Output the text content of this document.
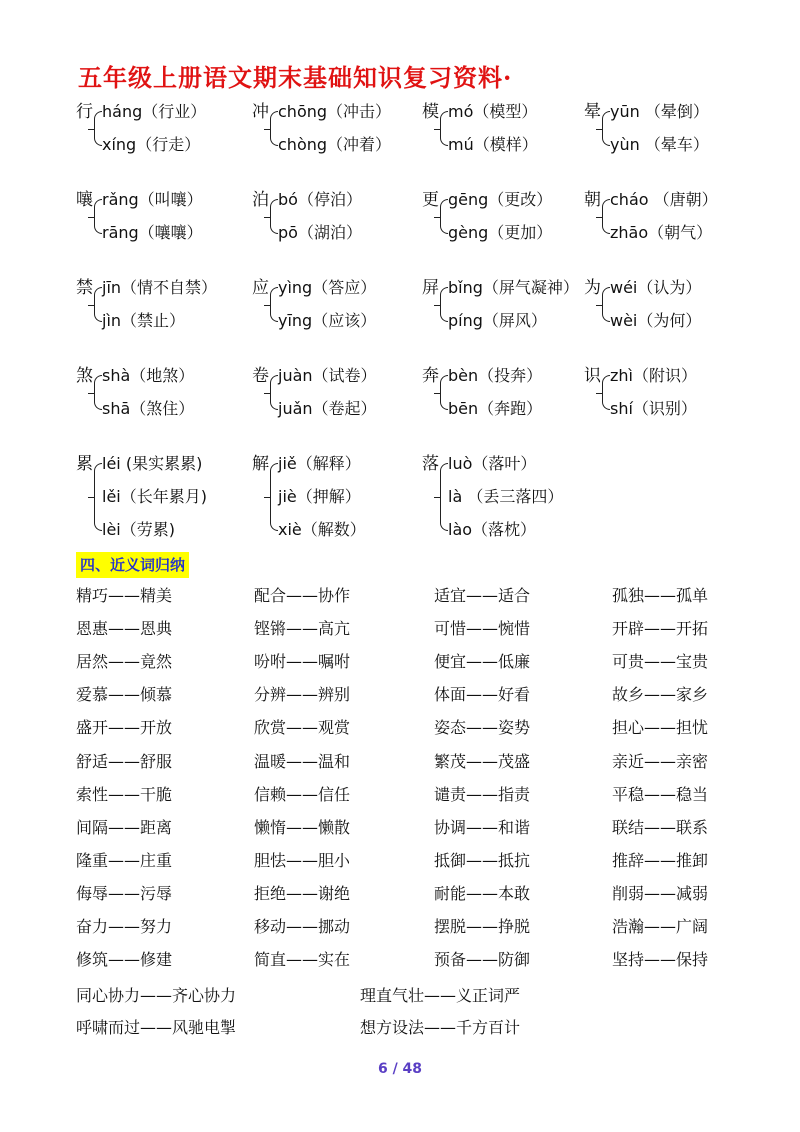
五年级上册语文期末基础知识复习资料·
行 háng（行业）
xíng（行走）
冲 chōng（冲击）
chòng（冲着）
模 mó（模型）
mú（模样）
晕 yūn （晕倒）
yùn （晕车）
嚷 rǎng（叫嚷）
rāng（嚷嚷）
泊 bó（停泊）
pō（湖泊）
更 gēng（更改）
gèng（更加）
朝 cháo （唐朝）
zhāo（朝气）
禁 jīn（情不自禁）
jìn（禁止）
应 yìng（答应）
yīng（应该）
屏 bǐng（屏气凝神）
píng（屏风）
为 wéi（认为）
wèi（为何）
煞 shà（地煞）
shā（煞住）
卷 juàn（试卷）
juǎn（卷起）
奔 bèn（投奔）
bēn（奔跑）
识 zhì（附识）
shí（识别）
累 léi (果实累累)
lěi（长年累月)
lèi（劳累)
解 jiě（解释）
jiè（押解）
xiè（解数）
落 luò（落叶）
là （丢三落四）
lào（落枕）
四、近义词归纳
精巧——精美	配合——协作	适宜——适合	孤独——孤单
恩惠——恩典	铿锵——高亢	可惜——惋惜	开辟——开拓
居然——竟然	吩咐——嘱咐	便宜——低廉	可贵——宝贵
爱慕——倾慕	分辨——辨别	体面——好看	故乡——家乡
盛开——开放	欣赏——观赏	姿态——姿势	担心——担忧
舒适——舒服	温暖——温和	繁茂——茂盛	亲近——亲密
索性——干脆	信赖——信任	谴责——指责	平稳——稳当
间隔——距离	懒惰——懒散	协调——和谐	联结——联系
隆重——庄重	胆怯——胆小	抵御——抵抗	推辞——推卸
侮辱——污辱	拒绝——谢绝	耐能——本敢	削弱——减弱
奋力——努力	移动——挪动	摆脱——挣脱	浩瀚——广阔
修筑——修建	简直——实在	预备——防御	坚持——保持
同心协力——齐心协力	理直气壮——义正词严
呼啸而过——风驰电掣	想方设法——千方百计
6 / 48
